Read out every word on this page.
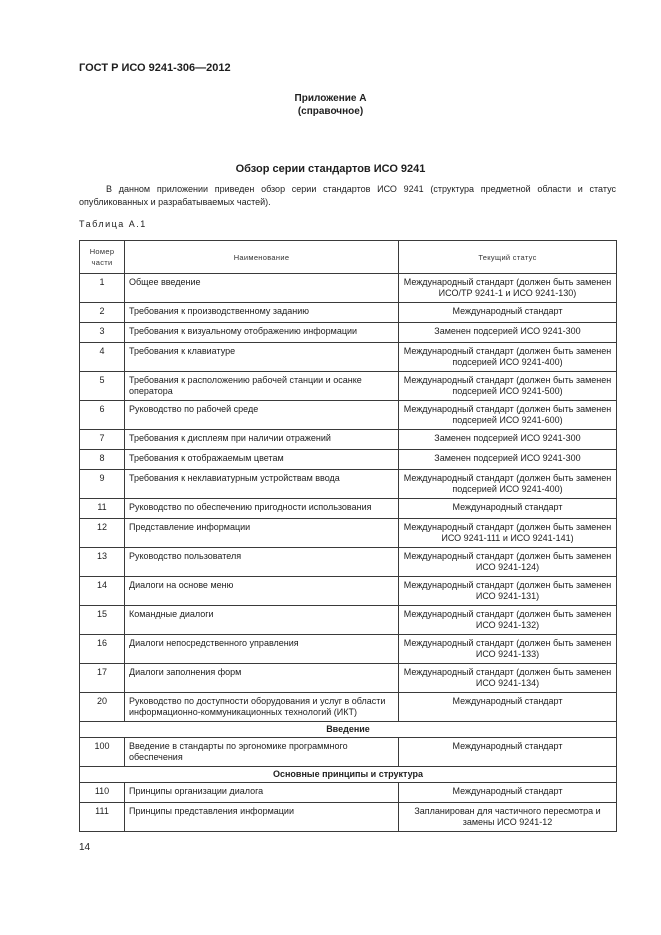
ГОСТ Р ИСО 9241-306—2012
Приложение А
(справочное)
Обзор серии стандартов ИСО 9241
В данном приложении приведен обзор серии стандартов ИСО 9241 (структура предметной области и статус опубликованных и разрабатываемых частей).
Таблица А.1
Номер части	Наименование	Текущий статус
1	Общее введение	Международный стандарт (должен быть заменен ИСО/ТР 9241-1 и ИСО 9241-130)
2	Требования к производственному заданию	Международный стандарт
3	Требования к визуальному отображению информации	Заменен подсерией ИСО 9241-300
4	Требования к клавиатуре	Международный стандарт (должен быть заменен подсерией ИСО 9241-400)
5	Требования к расположению рабочей станции и осанке оператора	Международный стандарт (должен быть заменен подсерией ИСО 9241-500)
6	Руководство по рабочей среде	Международный стандарт (должен быть заменен подсерией ИСО 9241-600)
7	Требования к дисплеям при наличии отражений	Заменен подсерией ИСО 9241-300
8	Требования к отображаемым цветам	Заменен подсерией ИСО 9241-300
9	Требования к неклавиатурным устройствам ввода	Международный стандарт (должен быть заменен подсерией ИСО 9241-400)
11	Руководство по обеспечению пригодности использования	Международный стандарт
12	Представление информации	Международный стандарт (должен быть заменен ИСО 9241-111 и ИСО 9241-141)
13	Руководство пользователя	Международный стандарт (должен быть заменен ИСО 9241-124)
14	Диалоги на основе меню	Международный стандарт (должен быть заменен ИСО 9241-131)
15	Командные диалоги	Международный стандарт (должен быть заменен ИСО 9241-132)
16	Диалоги непосредственного управления	Международный стандарт (должен быть заменен ИСО 9241-133)
17	Диалоги заполнения форм	Международный стандарт (должен быть заменен ИСО 9241-134)
20	Руководство по доступности оборудования и услуг в области информационно-коммуникационных технологий (ИКТ)	Международный стандарт
Введение		
100	Введение в стандарты по эргономике программного обеспечения	Международный стандарт
Основные принципы и структура		
110	Принципы организации диалога	Международный стандарт
111	Принципы представления информации	Запланирован для частичного пересмотра и замены ИСО 9241-12
14
